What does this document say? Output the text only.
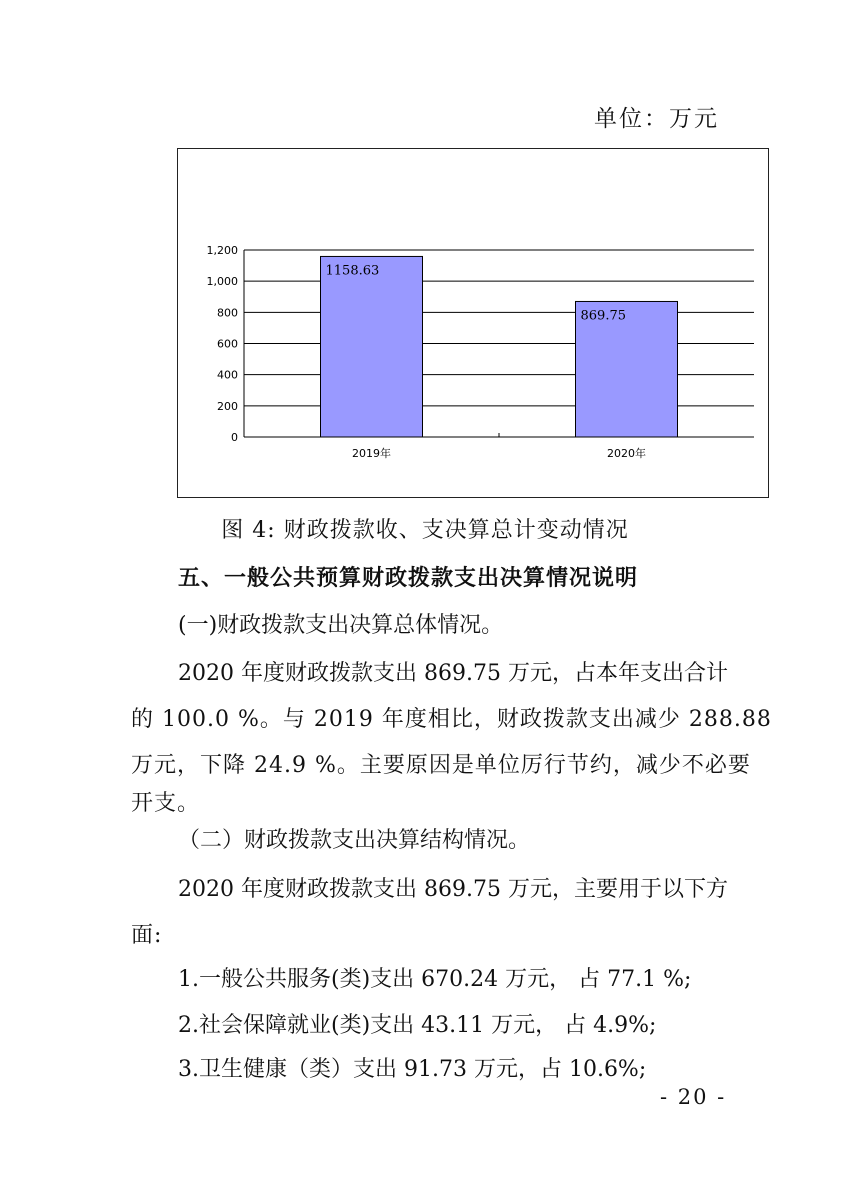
单位：万元
0
200
400
600
800
1,000
1,200
1158.63
2019年
869.75
2020年
图 4: 财政拨款收、支决算总计变动情况
五、一般公共预算财政拨款支出决算情况说明
(一)财政拨款支出决算总体情况。
2020 年度财政拨款支出 869.75 万元，占本年支出合计
的 100.0 %。与 2019 年度相比，财政拨款支出减少 288.88
万元，下降 24.9 %。主要原因是单位厉行节约，减少不必要
开支。
（二）财政拨款支出决算结构情况。
2020 年度财政拨款支出 869.75 万元，主要用于以下方
面:
1.一般公共服务(类)支出 670.24 万元， 占 77.1 %;
2.社会保障就业(类)支出 43.11 万元， 占 4.9%;
3.卫生健康（类）支出 91.73 万元，占 10.6%;
- 20 -
